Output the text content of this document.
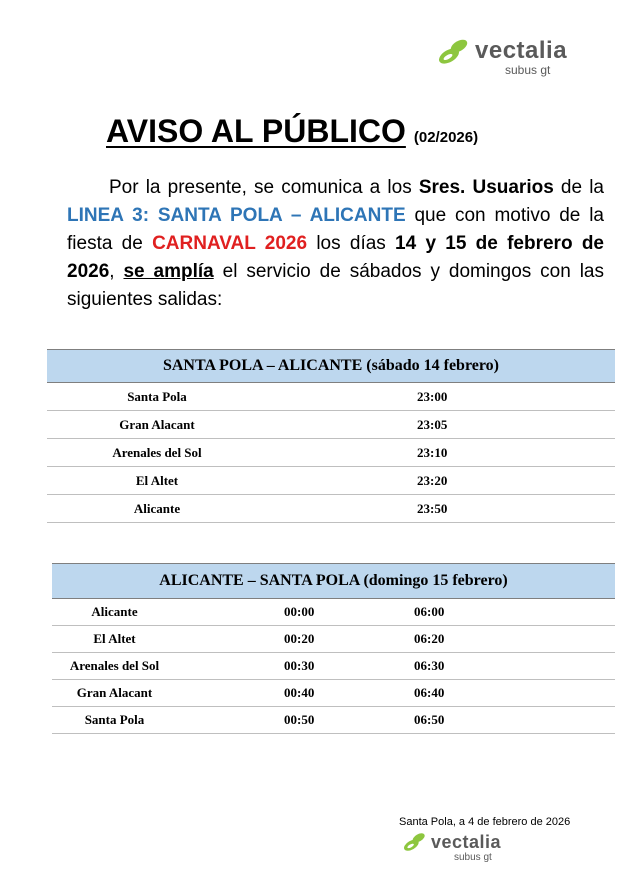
vectalia
subus gt
AVISO AL PÚBLICO (02/2026)

Por la presente, se comunica a los Sres. Usuarios de la LINEA 3: SANTA POLA – ALICANTE que con motivo de la fiesta de CARNAVAL 2026 los días 14 y 15 de febrero de 2026, se amplía el servicio de sábados y domingos con las siguientes salidas:

SANTA POLA – ALICANTE (sábado 14 febrero)
Santa Pola	23:00
Gran Alacant	23:05
Arenales del Sol	23:10
El Altet	23:20
Alicante	23:50
ALICANTE – SANTA POLA (domingo 15 febrero)
Alicante	00:00	06:00
El Altet	00:20	06:20
Arenales del Sol	00:30	06:30
Gran Alacant	00:40	06:40
Santa Pola	00:50	06:50
Santa Pola, a 4 de febrero de 2026
vectalia
subus gt
